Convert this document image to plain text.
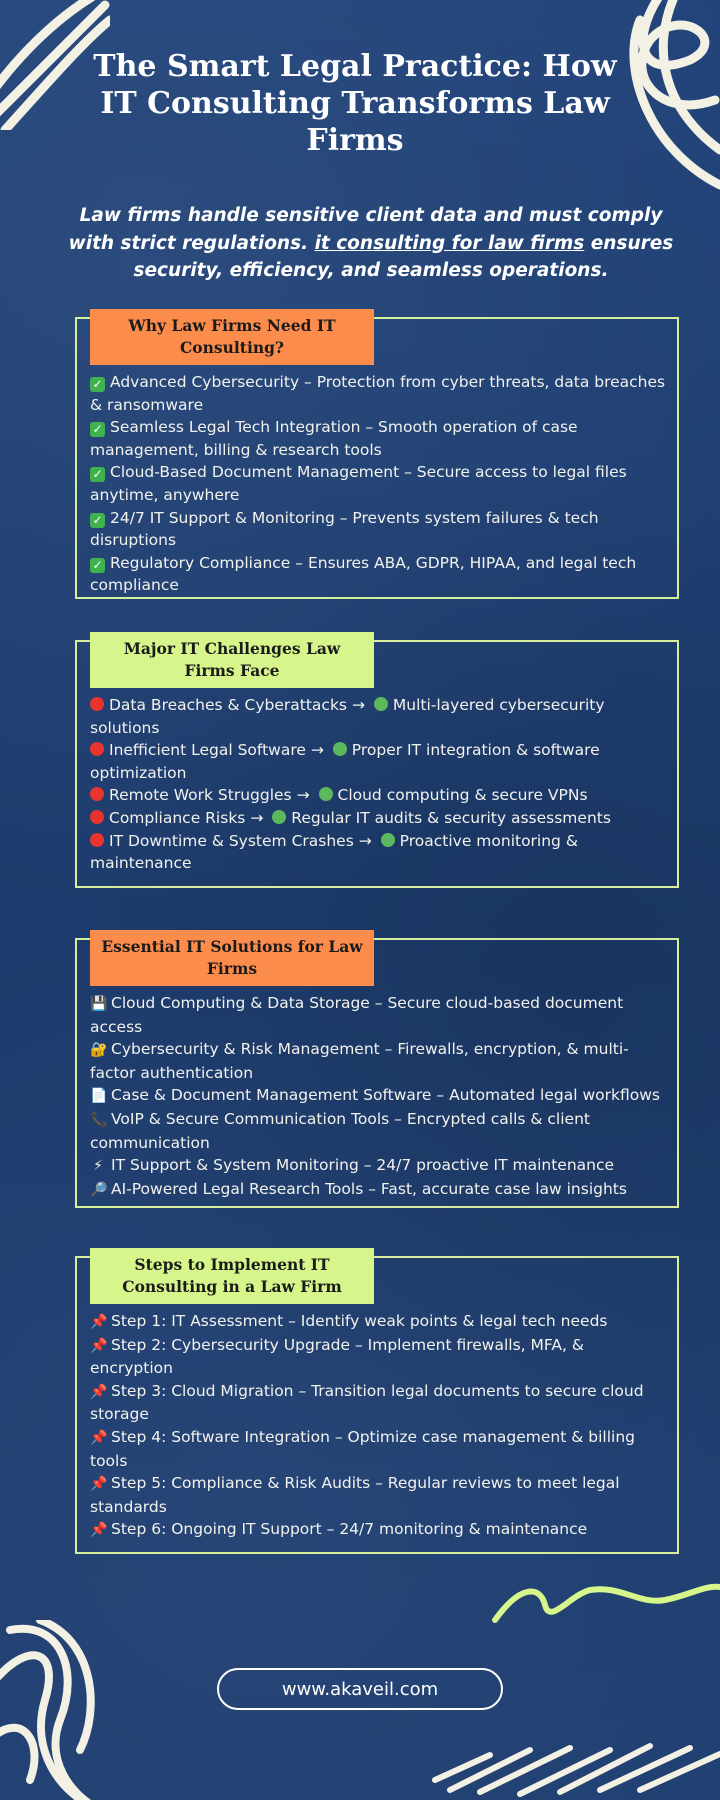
The Smart Legal Practice: How IT Consulting Transforms Law Firms

Law firms handle sensitive client data and must comply with strict regulations. it consulting for law firms ensures security, efficiency, and seamless operations.

Why Law Firms Need IT Consulting?
✓ Advanced Cybersecurity – Protection from cyber threats, data breaches & ransomware
✓ Seamless Legal Tech Integration – Smooth operation of case management, billing & research tools
✓ Cloud-Based Document Management – Secure access to legal files anytime, anywhere
✓ 24/7 IT Support & Monitoring – Prevents system failures & tech disruptions
✓ Regulatory Compliance – Ensures ABA, GDPR, HIPAA, and legal tech compliance
Major IT Challenges Law Firms Face
Data Breaches & Cyberattacks → Multi-layered cybersecurity solutions
Inefficient Legal Software → Proper IT integration & software optimization
Remote Work Struggles → Cloud computing & secure VPNs
Compliance Risks → Regular IT audits & security assessments
IT Downtime & System Crashes → Proactive monitoring & maintenance
Essential IT Solutions for Law Firms
💾 Cloud Computing & Data Storage – Secure cloud-based document access
🔐 Cybersecurity & Risk Management – Firewalls, encryption, & multi-factor authentication
📄 Case & Document Management Software – Automated legal workflows
📞 VoIP & Secure Communication Tools – Encrypted calls & client communication
⚡ IT Support & System Monitoring – 24/7 proactive IT maintenance
🔎 AI-Powered Legal Research Tools – Fast, accurate case law insights
Steps to Implement IT Consulting in a Law Firm
📌 Step 1: IT Assessment – Identify weak points & legal tech needs
📌 Step 2: Cybersecurity Upgrade – Implement firewalls, MFA, & encryption
📌 Step 3: Cloud Migration – Transition legal documents to secure cloud storage
📌 Step 4: Software Integration – Optimize case management & billing tools
📌 Step 5: Compliance & Risk Audits – Regular reviews to meet legal standards
📌 Step 6: Ongoing IT Support – 24/7 monitoring & maintenance
www.akaveil.com
